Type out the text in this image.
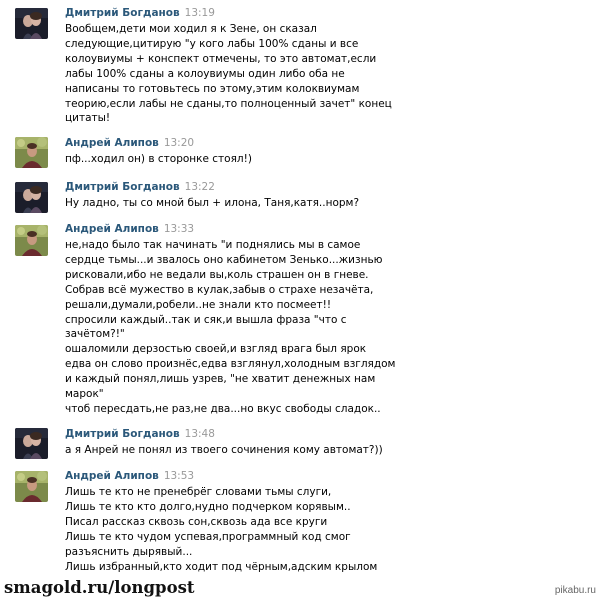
Дмитрий Богданов 13:19
Вообщем,дети мои ходил я к Зене, он сказал
следующие,цитирую "у кого лабы 100% сданы и все
колоувиумы + конспект отмечены, то это автомат,если
лабы 100% сданы а колоувиумы один либо оба не
написаны то готовьтесь по этому,этим колоквиумам
теорию,если лабы не сданы,то полноценный зачет" конец
цитаты!
Андрей Алипов 13:20
пф...ходил он) в сторонке стоял!)
Дмитрий Богданов 13:22
Ну ладно, ты со мной был + илона, Таня,катя..норм?
Андрей Алипов 13:33
не,надо было так начинать "и поднялись мы в самое
сердце тьмы...и звалось оно кабинетом Зенько...жизнью
рисковали,ибо не ведали вы,коль страшен он в гневе.
Собрав всё мужество в кулак,забыв о страхе незачёта,
решали,думали,робели..не знали кто посмеет!!
спросили каждый..так и сяк,и вышла фраза "что с
зачётом?!"
ошаломили дерзостью своей,и взгляд врага был ярок
едва он слово произнёс,едва взглянул,холодным взглядом
и каждый понял,лишь узрев, "не хватит денежных нам
марок"
чтоб пересдать,не раз,не два...но вкус свободы сладок..
Дмитрий Богданов 13:48
а я Анрей не понял из твоего сочинения кому автомат?))
Андрей Алипов 13:53
Лишь те кто не пренебрёг словами тьмы слуги,
Лишь те кто кто долго,нудно подчерком корявым..
Писал рассказ сквозь сон,сквозь ада все круги
Лишь те кто чудом успевая,программный код смог
разъяснить дырявый...
Лишь избранный,кто ходит под чёрным,адским крылом
smagold.ru/longpost	pikabu.ru
